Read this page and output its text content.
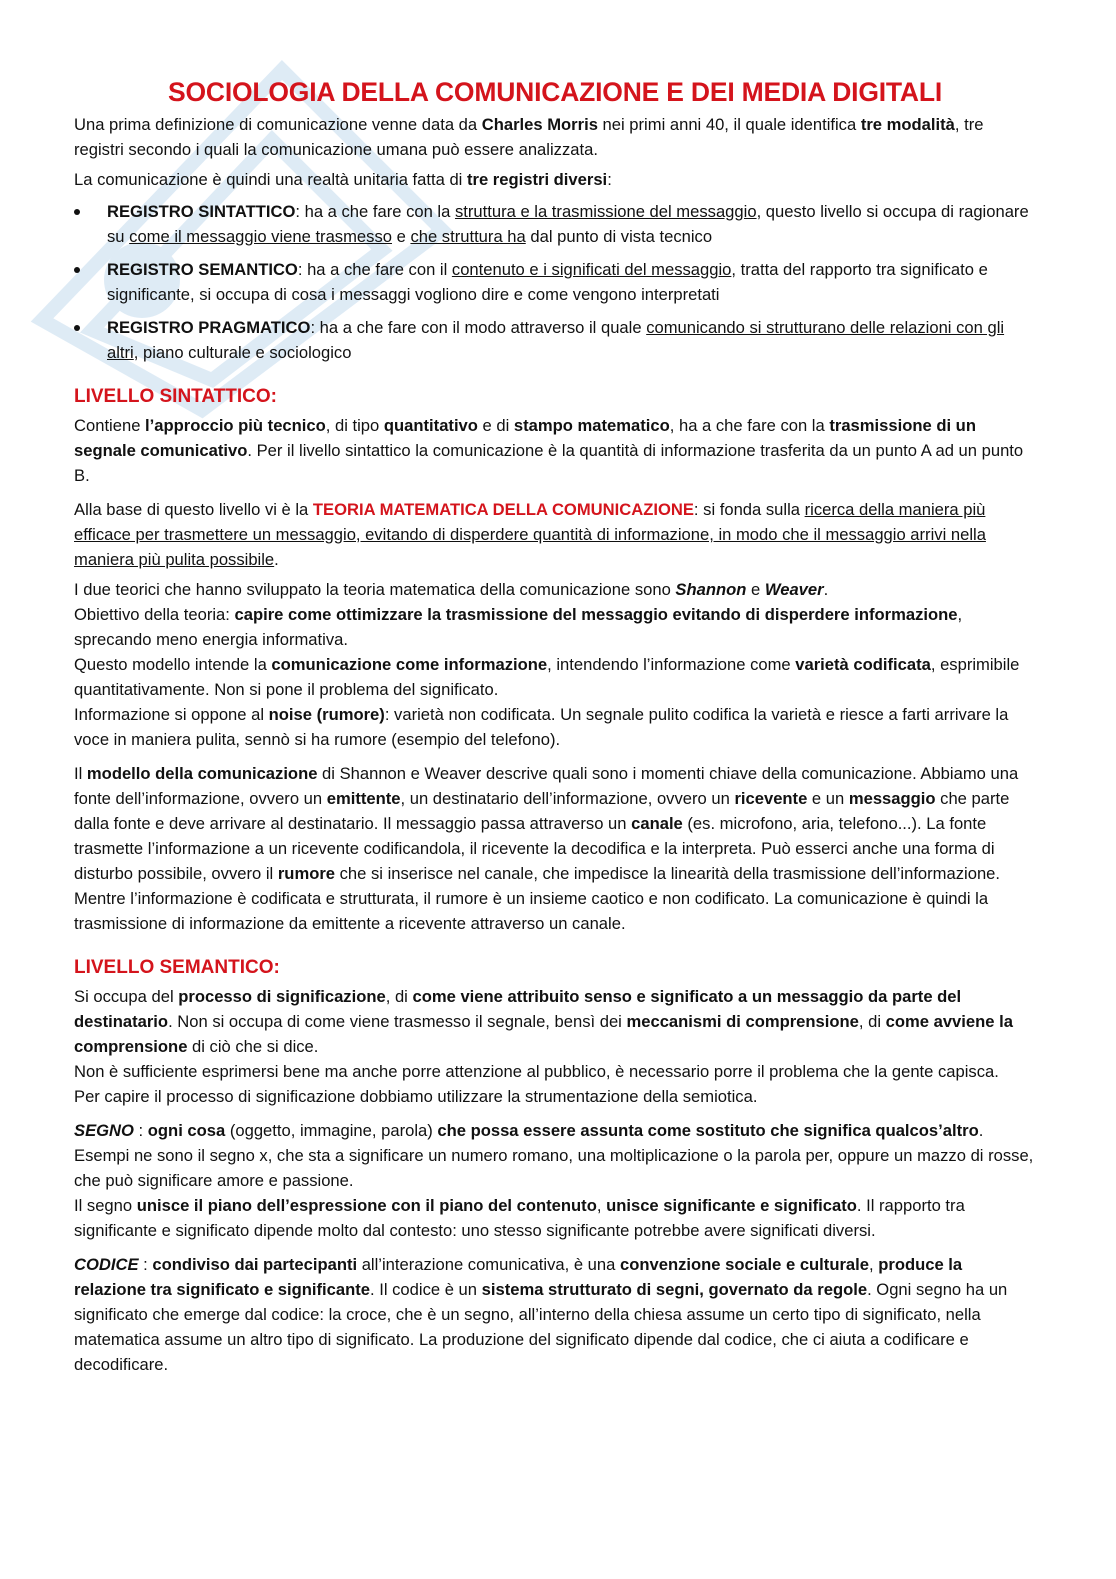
SOCIOLOGIA DELLA COMUNICAZIONE E DEI MEDIA DIGITALI

Una prima definizione di comunicazione venne data da Charles Morris nei primi anni 40, il quale identifica tre modalità, tre registri secondo i quali la comunicazione umana può essere analizzata.

La comunicazione è quindi una realtà unitaria fatta di tre registri diversi:

REGISTRO SINTATTICO: ha a che fare con la struttura e la trasmissione del messaggio, questo livello si occupa di ragionare su come il messaggio viene trasmesso e che struttura ha dal punto di vista tecnico
REGISTRO SEMANTICO: ha a che fare con il contenuto e i significati del messaggio, tratta del rapporto tra significato e significante, si occupa di cosa i messaggi vogliono dire e come vengono interpretati
REGISTRO PRAGMATICO: ha a che fare con il modo attraverso il quale comunicando si strutturano delle relazioni con gli altri, piano culturale e sociologico
LIVELLO SINTATTICO:

Contiene l’approccio più tecnico, di tipo quantitativo e di stampo matematico, ha a che fare con la trasmissione di un segnale comunicativo. Per il livello sintattico la comunicazione è la quantità di informazione trasferita da un punto A ad un punto B.

Alla base di questo livello vi è la TEORIA MATEMATICA DELLA COMUNICAZIONE: si fonda sulla ricerca della maniera più efficace per trasmettere un messaggio, evitando di disperdere quantità di informazione, in modo che il messaggio arrivi nella maniera più pulita possibile.

I due teorici che hanno sviluppato la teoria matematica della comunicazione sono Shannon e Weaver.
Obiettivo della teoria: capire come ottimizzare la trasmissione del messaggio evitando di disperdere informazione, sprecando meno energia informativa.
Questo modello intende la comunicazione come informazione, intendendo l’informazione come varietà codificata, esprimibile quantitativamente. Non si pone il problema del significato.
Informazione si oppone al noise (rumore): varietà non codificata. Un segnale pulito codifica la varietà e riesce a farti arrivare la voce in maniera pulita, sennò si ha rumore (esempio del telefono).

Il modello della comunicazione di Shannon e Weaver descrive quali sono i momenti chiave della comunicazione. Abbiamo una fonte dell’informazione, ovvero un emittente, un destinatario dell’informazione, ovvero un ricevente e un messaggio che parte dalla fonte e deve arrivare al destinatario. Il messaggio passa attraverso un canale (es. microfono, aria, telefono...). La fonte trasmette l’informazione a un ricevente codificandola, il ricevente la decodifica e la interpreta. Può esserci anche una forma di disturbo possibile, ovvero il rumore che si inserisce nel canale, che impedisce la linearità della trasmissione dell’informazione. Mentre l’informazione è codificata e strutturata, il rumore è un insieme caotico e non codificato. La comunicazione è quindi la trasmissione di informazione da emittente a ricevente attraverso un canale.

LIVELLO SEMANTICO:

Si occupa del processo di significazione, di come viene attribuito senso e significato a un messaggio da parte del destinatario. Non si occupa di come viene trasmesso il segnale, bensì dei meccanismi di comprensione, di come avviene la comprensione di ciò che si dice.
Non è sufficiente esprimersi bene ma anche porre attenzione al pubblico, è necessario porre il problema che la gente capisca.
Per capire il processo di significazione dobbiamo utilizzare la strumentazione della semiotica.

SEGNO : ogni cosa (oggetto, immagine, parola) che possa essere assunta come sostituto che significa qualcos’altro. Esempi ne sono il segno x, che sta a significare un numero romano, una moltiplicazione o la parola per, oppure un mazzo di rosse, che può significare amore e passione.
Il segno unisce il piano dell’espressione con il piano del contenuto, unisce significante e significato. Il rapporto tra significante e significato dipende molto dal contesto: uno stesso significante potrebbe avere significati diversi.

CODICE : condiviso dai partecipanti all’interazione comunicativa, è una convenzione sociale e culturale, produce la relazione tra significato e significante. Il codice è un sistema strutturato di segni, governato da regole. Ogni segno ha un significato che emerge dal codice: la croce, che è un segno, all’interno della chiesa assume un certo tipo di significato, nella matematica assume un altro tipo di significato. La produzione del significato dipende dal codice, che ci aiuta a codificare e decodificare.
